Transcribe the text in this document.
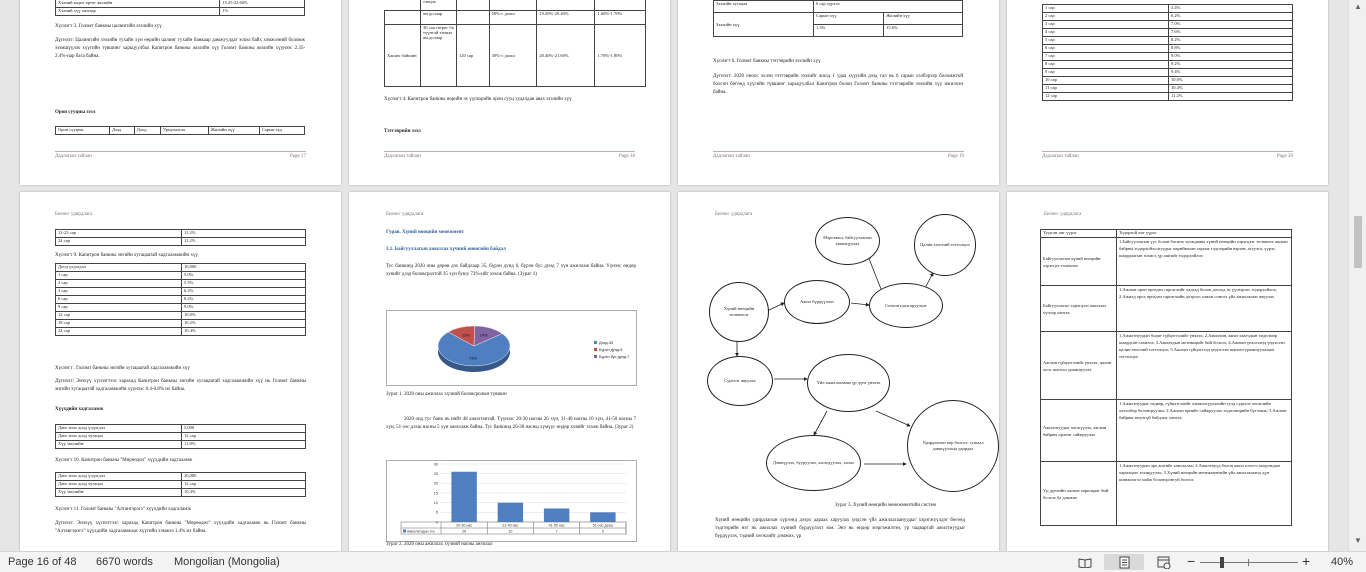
Хэлний кодит өртөг жилийн	15.25-23.66%
Хэлний хүү хязгаар	1%
Хүснэгт 3. Голомт банкны цалингийн зээлийн хүү
Дүгнэлт: Цалингийн зээлийн тухайн хүн өөрийн цалинг тухайн банкаар дамжуулдаг эсвэл байх хэмжээний боломж эзэмшүүлэх хүүгийн түвшинг харьцуулбал Капитрон банкны жилийн хүү Голомт банкны жилийн хүүнээс 2.35-2.4%-иар бага байна.
Орон сууцны зээл
Орон сууцны	Дээд	Доод	Урьдчилгаа	Жилийн хүү	Сарын хүү
Дадлагын тайлан	Page 17
	тэнцэх				
	ам.доллар		50%-с доош	19.20%-20.40%	1.60%-1.70%
Хаших байшин	30 сая төгрөг ба түүнтэй тэнцэх ам.доллар	120 сар	30%-с доош	20.40%-21.60%	1.70%-1.80%
Хүснэгт 4. Капитрон банкны өөрийн эх үүсвэрийн орон сууц худалдан авах зээлийн хүү
Тэтгэврийн зээл
Дадлагын тайлан	Page 18
Зээлийн хугацаа	6 сар хүртэл	
Зээлийн хүү	Сарын хүү	Жилийн хүү
	1.3%	15.6%
Хүснэгт 6. Голомт банкны тэтгэврийн зээлийн хүү
Дүгнэлт: 2020 оноос эхлэн тэтгэврийн зээлийг жилд 1 удаа хүүгийн дээд тал нь 6 сарын хэлбэрээр боломжтой болсон бөгөөд хүүгийн түвшинг харьцуулбал Капитрон болон Голомт банкны тэтгэврийн зээлийн хүү ижилхэн байна.
Дадлагын тайлан	Page 19
1 сар	3.4%
2 сар	6.2%
3 сар	7.0%
4 сар	7.6%
5 сар	8.2%
6 сар	8.8%
7 сар	9.0%
8 сар	9.2%
9 сар	9.4%
10 сар	10.0%
11 сар	10.4%
12 сар	11.2%
Дадлагын тайлан	Page 20
Бизнес удирдлага
12-23 сар	11.2%
24 сар	11.2%
Хүснэгт 9. Капитрон банкны энгийн хугацаатай хадгаламжийн хүү
Доод үлдэгдэл	10,000
1 сар	5.0%
2 сар	5.5%
3 сар	6.2%
6 сар	8.2%
9 сар	9.0%
12 сар	10.0%
18 сар	10.2%
24 сар	10.4%
Хүснэгт . Голомт банкны энгийн хугацаатай хадгаламжийн хүү
Дүгнэлт: Энэхүү хүснэгтээс харахад Капитрон банкны энгийн хугацаатай хадгаламжийн хүү нь Голомт банкны энгийн хугацаатай хадгаламжийн хүүнээс 0.4-0.8% их байна.
Хүүхдийн хадгаламж
Данс нээх доод үлдэгдэл	5,000
Данс нээх доод хугацаа	12 сар
Хүү /жилийн/	11.8%
Хүснэгт 10. Капитрон банкны "Мөрөөдөл" хүүхдийн хадгаламж
Данс нээх доод үлдэгдэл	20,000
Данс нээх доод хугацаа	12 сар
Хүү /жилийн/	10.4%
Хүснэгт 11. Голомт банкны "Алтангэрэгэ" хүүхдийн хадгаламж
Дүгнэлт: Энэхүү хүснэгтээс харахад Капитрон банкны "Мөрөөдөл" хүүхдийн хадгаламж нь Голомт банкны "Алтангэрэгэ" хүүхдийн хадгаламжаас хүүгийн хэмжээ 1.4% их байна.
Бизнес удирдлага
Гурав. Хүний нөөцийн менежмент
3.1. Байгууллагын ажиллах хүчний өнөөгийн байдал
Тус банкинд 2020 оны дөрөв дэх байдлаар 35, бүрэн дунд 6, бүрэн бус дунд 7 хүн ажиллаж байна. Үүнээс өндөр хувийг дээд боловсролтой 35 хүн буюу 73%-ийг эзэлж байна. (Зураг 1)
73%
13% 14%
Дээд-35
Бүрэн дунд-6
Бүрэн бус дунд-7
Зураг 1. 2020 оны ажиллах хүчний боловсролын түвшин
2020 онд тус банк нь нийт 48 ажилтантай. Түүнээс 20-30 насны 26 хүн, 31-40 насны 10 хүн, 41-50 насны 7 хүн, 51-ээс дээш насны 5 хүн ажиллаж байна. Тус банкинд 20-30 насны хүмүүс өндөр хувийг эзэлж байна. (Зураг 2)
0
5
10
15
20
25
30
20-30 нас
26
31-40 нас
10
41-50 нас
7
51-ээс дээш
5
Ажиллагчдын тоо
Зураг 2. 2020 оны ажиллах хүчний насны ангилал
Бизнес удирдлага
Мэргэжил, байгууллагын тавилцуулах	Цалин хөлсний тогтолцоо
Хүний нөөцийн төлөвлөлт
Ажил бүрдүүлэлт
Сонгон шалгаруулалт
Сургалт явуулах	Үйл ажиллагааны үр дүнг үнэлэх
Дэвшүүлэх, бууруулах, хасагдуулах, халах
Удирдлагын өөр болгох, тушаал дэвшүүлэхэд удирдах
Зураг 3. Хүний нөөцийн менежментийн систем
Хүний нөөцийн удирдлагын хүрээнд дээрх дараах харуулах үндсэн үйл ажиллагаануудыг хэрэгжүүлдэг бөгөөд тэдгээрийн нэг нь ажиллах хүчний бүрдүүлэлт юм. Энэ нь өндөр мэргэжилтэн, ур чадвартай ажилтнуудыг бүрдүүлэх, тэдний хөгжлийг дэмжих, үр
Бизнес удирдлага
Үндсэн чиг үүрэг	Тодорхой чиг үүрэг
Байгууллагын хүний нөөцийн хэрэгцээ төлөвлөх	1.Байгууллагын үүс болон богино хугацааны хүний нөөцийн хэрэгцээг төлөвлөх ажлын байрны тодорхойлолтуудыг нарийвчлан гаргаж тэдгээрийн вэрэнт, агуулга, үүрэг, шаардлагын зохист, үр ашгийг тодорхойлох
Байгууллагыг хэрэгцээт ажиллах хүчээр хангах	1.Ажлын орон өргөдөл гаргагчийг хадгад болон дотоод эх үүсвэрээс тодорхойлох; 2.Ажилд орох өргөдөл гаргагчийн дотроос шилж сонгох үйл ажиллагааг явуулах
Ажлын гүйцэтгэлийг үнэлэх, цалин хөлс шагнал урамшуулах	1.Ажилтнуудын бодит гүйцэтгэлийг үнэлэх; 2.Ажилчин, ажил хаагчдын хөдөлмөр шаардсан сахилга; 3.Ажилчдын мотивацийг бий болгох; 4.Ажлын үнэлгээнд үндэслэн цалин хөлсний тогтолцоо; 5.Ажлын гүйцэтгэлд үндэслэн шагнал урамшуулалын тогтолцоо
Ажилтнуудыг хөгжүүлэх, ажлын байрны өрлөнг сайжруулах	1.Ажилтнуудыг чадвар, гүйцэтгэлийг хэмжээгүүлэхийн тулд сургалт хөгжлийн хөтөлбөр боловсруулах; 2.Ажлын өрнийг сайжруулах хөдөлмөрийн бүтээмж; 3.Ажлын байрны аюулгүй байдлыг хангах
Үр дүнгийн ажлын харилцааг бий болгох ба дэмжих	1.Ажилтнуудын эрх ашгийг хамгаалах; 2.Ажилтнууд болон ажил олгогч хоорондын харилцааг зохицуулах; 3.Хүний нөөцийн менежментийн үйл ажиллагаанд дүн шинжилгээ хийж боловсронгуй болгох
▲
▼
Page 16 of 48 6670 words Mongolian (Mongolia)	−	+ 40%
